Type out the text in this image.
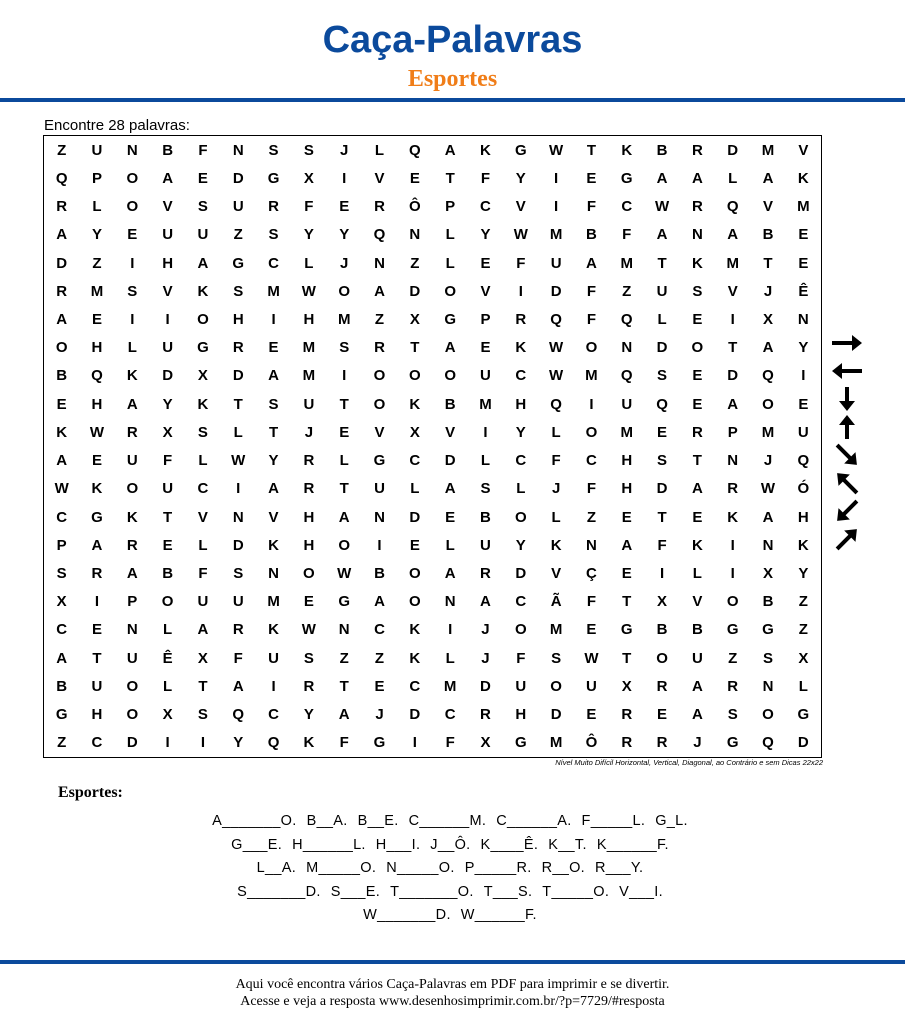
Caça-Palavras
Esportes
Encontre 28 palavras:
Z	U	N	B	F	N	S	S	J	L	Q	A	K	G	W	T	K	B	R	D	M	V
Q	P	O	A	E	D	G	X	I	V	E	T	F	Y	I	E	G	A	A	L	A	K
R	L	O	V	S	U	R	F	E	R	Ô	P	C	V	I	F	C	W	R	Q	V	M
A	Y	E	U	U	Z	S	Y	Y	Q	N	L	Y	W	M	B	F	A	N	A	B	E
D	Z	I	H	A	G	C	L	J	N	Z	L	E	F	U	A	M	T	K	M	T	E
R	M	S	V	K	S	M	W	O	A	D	O	V	I	D	F	Z	U	S	V	J	Ê
A	E	I	I	O	H	I	H	M	Z	X	G	P	R	Q	F	Q	L	E	I	X	N
O	H	L	U	G	R	E	M	S	R	T	A	E	K	W	O	N	D	O	T	A	Y
B	Q	K	D	X	D	A	M	I	O	O	O	U	C	W	M	Q	S	E	D	Q	I
E	H	A	Y	K	T	S	U	T	O	K	B	M	H	Q	I	U	Q	E	A	O	E
K	W	R	X	S	L	T	J	E	V	X	V	I	Y	L	O	M	E	R	P	M	U
A	E	U	F	L	W	Y	R	L	G	C	D	L	C	F	C	H	S	T	N	J	Q
W	K	O	U	C	I	A	R	T	U	L	A	S	L	J	F	H	D	A	R	W	Ó
C	G	K	T	V	N	V	H	A	N	D	E	B	O	L	Z	E	T	E	K	A	H
P	A	R	E	L	D	K	H	O	I	E	L	U	Y	K	N	A	F	K	I	N	K
S	R	A	B	F	S	N	O	W	B	O	A	R	D	V	Ç	E	I	L	I	X	Y
X	I	P	O	U	U	M	E	G	A	O	N	A	C	Ã	F	T	X	V	O	B	Z
C	E	N	L	A	R	K	W	N	C	K	I	J	O	M	E	G	B	B	G	G	Z
A	T	U	Ê	X	F	U	S	Z	Z	K	L	J	F	S	W	T	O	U	Z	S	X
B	U	O	L	T	A	I	R	T	E	C	M	D	U	O	U	X	R	A	R	N	L
G	H	O	X	S	Q	C	Y	A	J	D	C	R	H	D	E	R	E	A	S	O	G
Z	C	D	I	I	Y	Q	K	F	G	I	F	X	G	M	Ô	R	R	J	G	Q	D
Nível Muito Difícil Horizontal, Vertical, Diagonal, ao Contrário e sem Dicas 22x22
Esportes:
A_______O. B__A. B__E. C______M. C______A. F_____L. G_L.
G___E. H______L. H___I. J__Ô. K____Ê. K__T. K______F.
L__A. M_____O. N_____O. P_____R. R__O. R___Y.
S_______D. S___E. T_______O. T___S. T_____O. V___I.
W_______D. W______F.
Aqui você encontra vários Caça-Palavras em PDF para imprimir e se divertir.
Acesse e veja a resposta www.desenhosimprimir.com.br/?p=7729/#resposta
